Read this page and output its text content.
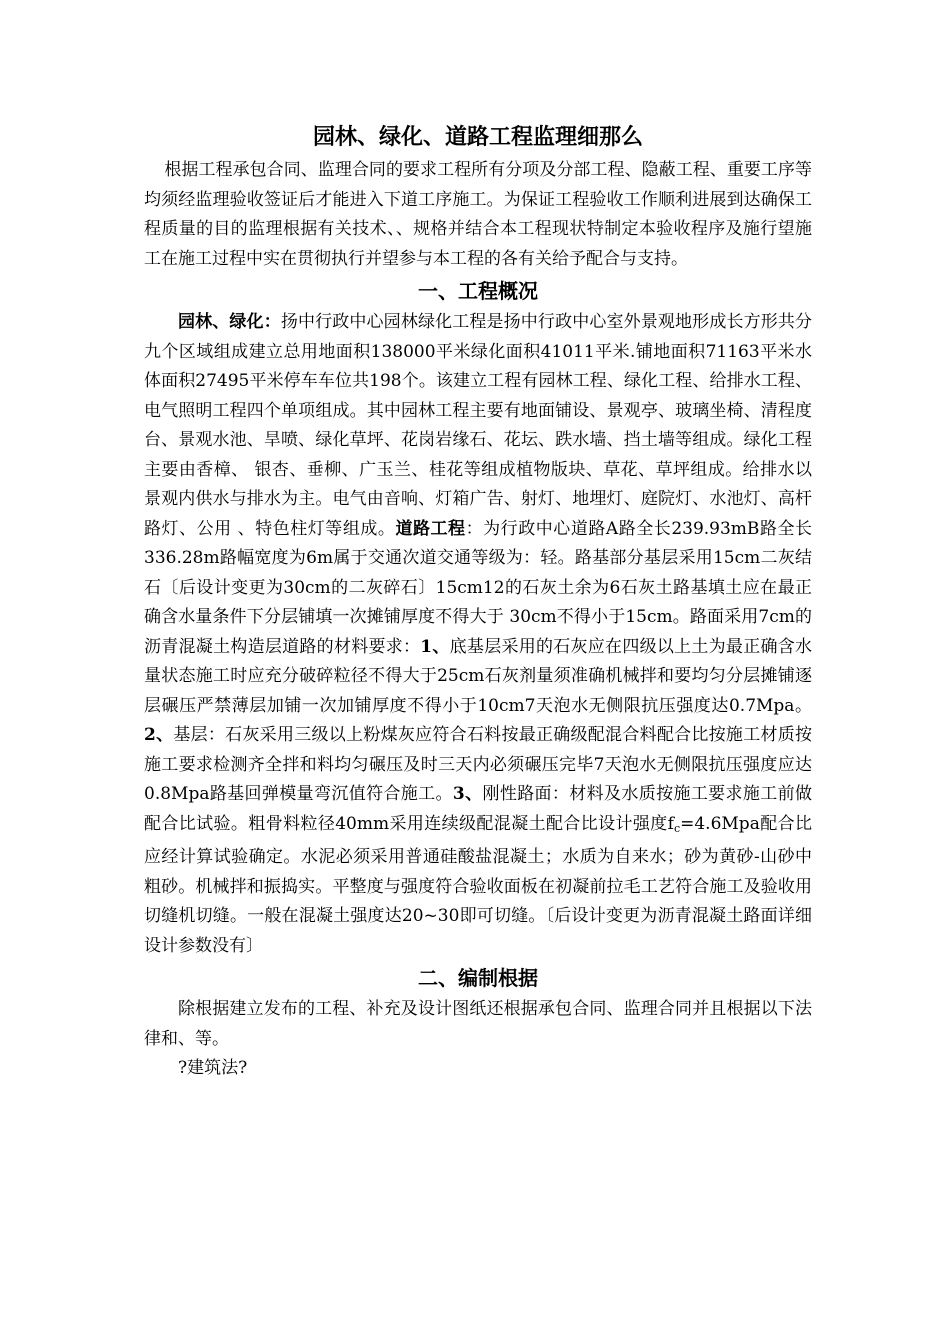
园林、绿化、道路工程监理细那么

根据工程承包合同、监理合同的要求工程所有分项及分部工程、隐蔽工程、重要工序等均须经监理验收签证后才能进入下道工序施工。为保证工程验收工作顺利进展到达确保工程质量的目的监理根据有关技术、、规格并结合本工程现状特制定本验收程序及施行望施工在施工过程中实在贯彻执行并望参与本工程的各有关给予配合与支持。

一、工程概况

园林、绿化：扬中行政中心园林绿化工程是扬中行政中心室外景观地形成长方形共分九个区域组成建立总用地面积138000平米绿化面积41011平米.铺地面积71163平米水体面积27495平米停车车位共198个。该建立工程有园林工程、绿化工程、给排水工程、电气照明工程四个单项组成。其中园林工程主要有地面铺设、景观亭、玻璃坐椅、清程度台、景观水池、旱喷、绿化草坪、花岗岩缘石、花坛、跌水墙、挡土墙等组成。绿化工程主要由香樟、 银杏、垂柳、广玉兰、桂花等组成植物版块、草花、草坪组成。给排水以景观内供水与排水为主。电气由音响、灯箱广告、射灯、地埋灯、庭院灯、水池灯、高杆路灯、公用 、特色柱灯等组成。道路工程：为行政中心道路A路全长239.93mB路全长336.28m路幅宽度为6m属于交通次道交通等级为：轻。路基部分基层采用15cm二灰结石〔后设计变更为30cm的二灰碎石〕15cm12的石灰土余为6石灰土路基填土应在最正确含水量条件下分层铺填一次摊铺厚度不得大于 30cm不得小于15cm。路面采用7cm的沥青混凝土构造层道路的材料要求：1、底基层采用的石灰应在四级以上土为最正确含水量状态施工时应充分破碎粒径不得大于25cm石灰剂量须准确机械拌和要均匀分层摊铺逐层碾压严禁薄层加铺一次加铺厚度不得小于10cm7天泡水无侧限抗压强度达0.7Mpa。2、基层：石灰采用三级以上粉煤灰应符合石料按最正确级配混合料配合比按施工材质按施工要求检测齐全拌和料均匀碾压及时三天内必须碾压完毕7天泡水无侧限抗压强度应达0.8Mpa路基回弹模量弯沉值符合施工。3、刚性路面：材料及水质按施工要求施工前做配合比试验。粗骨料粒径40mm采用连续级配混凝土配合比设计强度$f_c=4.6Mpa$配合比应经计算试验确定。水泥必须采用普通硅酸盐混凝土；水质为自来水；砂为黄砂-山砂中粗砂。机械拌和振捣实。平整度与强度符合验收面板在初凝前拉毛工艺符合施工及验收用切缝机切缝。一般在混凝土强度达20~30即可切缝。〔后设计变更为沥青混凝土路面详细设计参数没有〕

二、编制根据

除根据建立发布的工程、补充及设计图纸还根据承包合同、监理合同并且根据以下法律和、等。

?建筑法?
